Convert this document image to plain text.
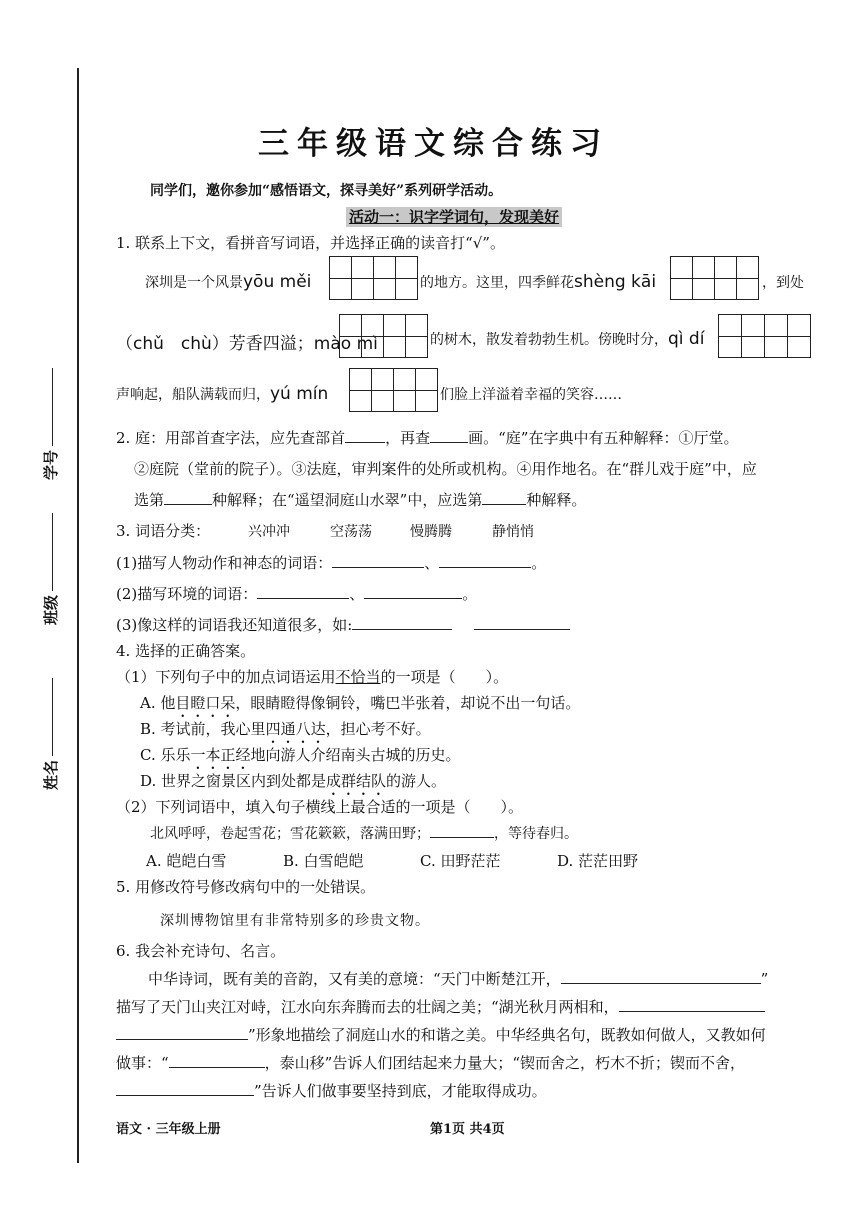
学号
班级
姓名
三年级语文综合练习
同学们，邀你参加“感悟语文，探寻美好”系列研学活动。
活动一：识字学词句，发现美好
1. 联系上下文，看拼音写词语，并选择正确的读音打“√”。
深圳是一个风景yōu měi	的地方。这里，四季鲜花shèng kāi	，到处
（chǔ　chù）芳香四溢；mào mì	的树木，散发着勃勃生机。傍晚时分，qì dí
声响起，船队满载而归，yú mín	们脸上洋溢着幸福的笑容……
2. 庭：用部首查字法，应先查部首	，再查	画。“庭”在字典中有五种解释：①厅堂。
②庭院（堂前的院子）。③法庭，审判案件的处所或机构。④用作地名。在“群儿戏于庭”中，应
选第	种解释；在“遥望洞庭山水翠”中，应选第	种解释。
3. 词语分类：	兴冲冲	空荡荡	慢腾腾	静悄悄
(1)描写人物动作和神态的词语：	、	。
(2)描写环境的词语：	、	。
(3)像这样的词语我还知道很多，如:
4. 选择的正确答案。
（1）下列句子中的加点词语运用不恰当的一项是（　　）。
A. 他目瞪口呆，眼睛瞪得像铜铃，嘴巴半张着，却说不出一句话。
B. 考试前，我心里四通八达，担心考不好。
C. 乐乐一本正经地向游人介绍南头古城的历史。
D. 世界之窗景区内到处都是成群结队的游人。
（2）下列词语中，填入句子横线上最合适的一项是（　　）。
北风呼呼，卷起雪花；雪花簌簌，落满田野；	，等待春归。
A. 皑皑白雪	B. 白雪皑皑	C. 田野茫茫	D. 茫茫田野
5. 用修改符号修改病句中的一处错误。
深圳博物馆里有非常特别多的珍贵文物。
6. 我会补充诗句、名言。
中华诗词，既有美的音韵，又有美的意境：“天门中断楚江开，	”
描写了天门山夹江对峙，江水向东奔腾而去的壮阔之美；“湖光秋月两相和，
”形象地描绘了洞庭山水的和谐之美。中华经典名句，既教如何做人，又教如何
做事：“	，泰山移”告诉人们团结起来力量大；“锲而舍之，朽木不折；锲而不舍，
”告诉人们做事要坚持到底，才能取得成功。
语文 · 三年级上册	第1页 共4页
